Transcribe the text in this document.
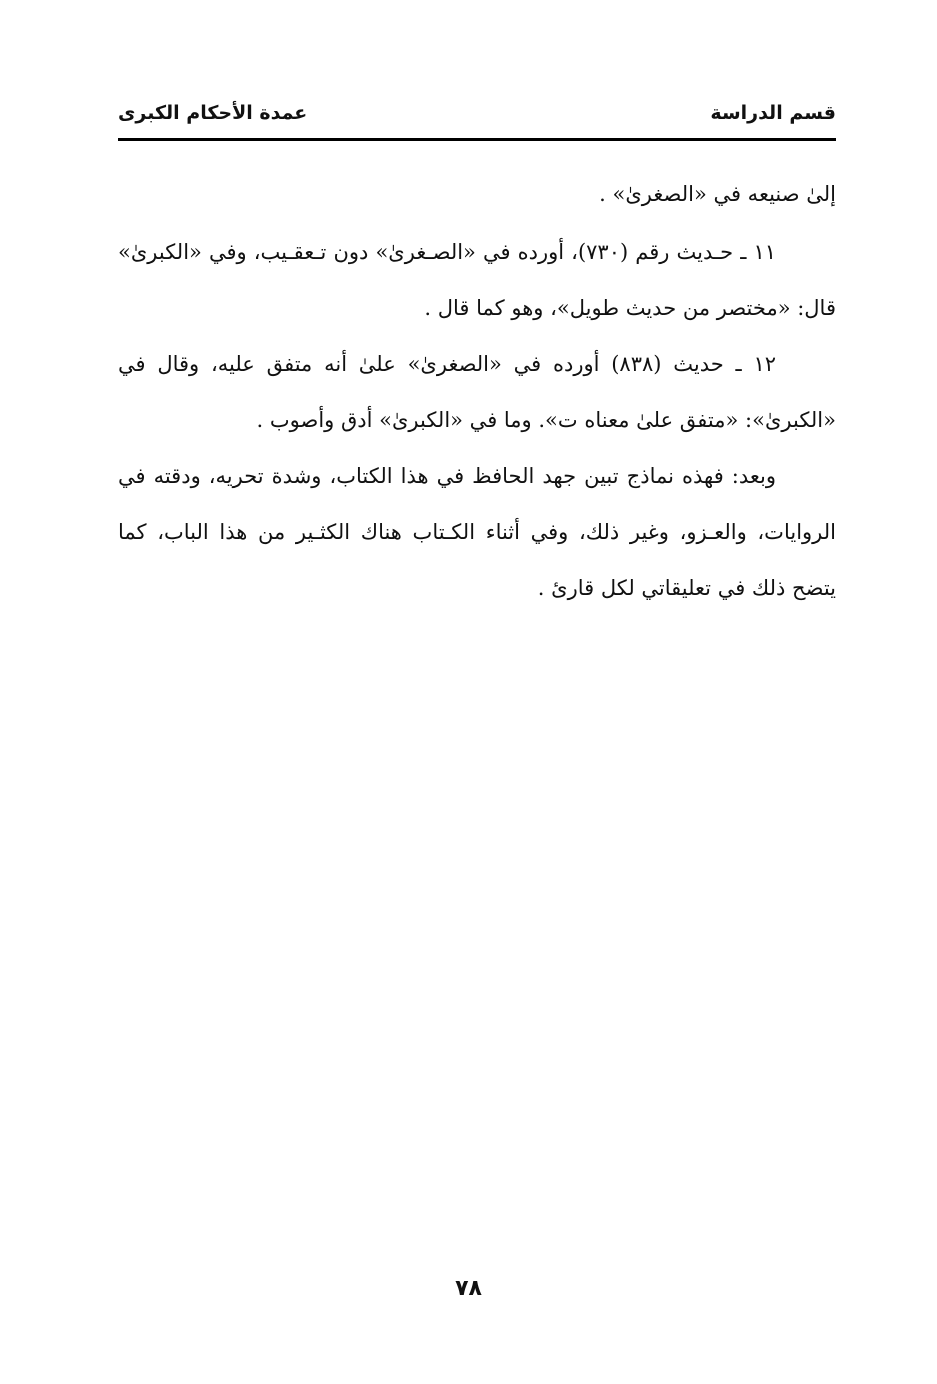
قسم الدراسة
عمدة الأحكام الكبرى

إلىٰ صنيعه في «الصغرىٰ» .

١١ ـ حـديث رقم (٧٣٠)، أورده في «الصـغرىٰ» دون تـعقـيب، وفي «الكبرىٰ» قال: «مختصر من حديث طويل»، وهو كما قال .

١٢ ـ حديث (٨٣٨) أورده في «الصغرىٰ» علىٰ أنه متفق عليه، وقال في «الكبرىٰ»: «متفق علىٰ معناه ت». وما في «الكبرىٰ» أدق وأصوب .

وبعد: فهذه نماذج تبين جهد الحافظ في هذا الكتاب، وشدة تحريه، ودقته في الروايات، والعـزو، وغير ذلك، وفي أثناء الكـتاب هناك الكثـير من هذا الباب، كما يتضح ذلك في تعليقاتي لكل قارئ .

٧٨
